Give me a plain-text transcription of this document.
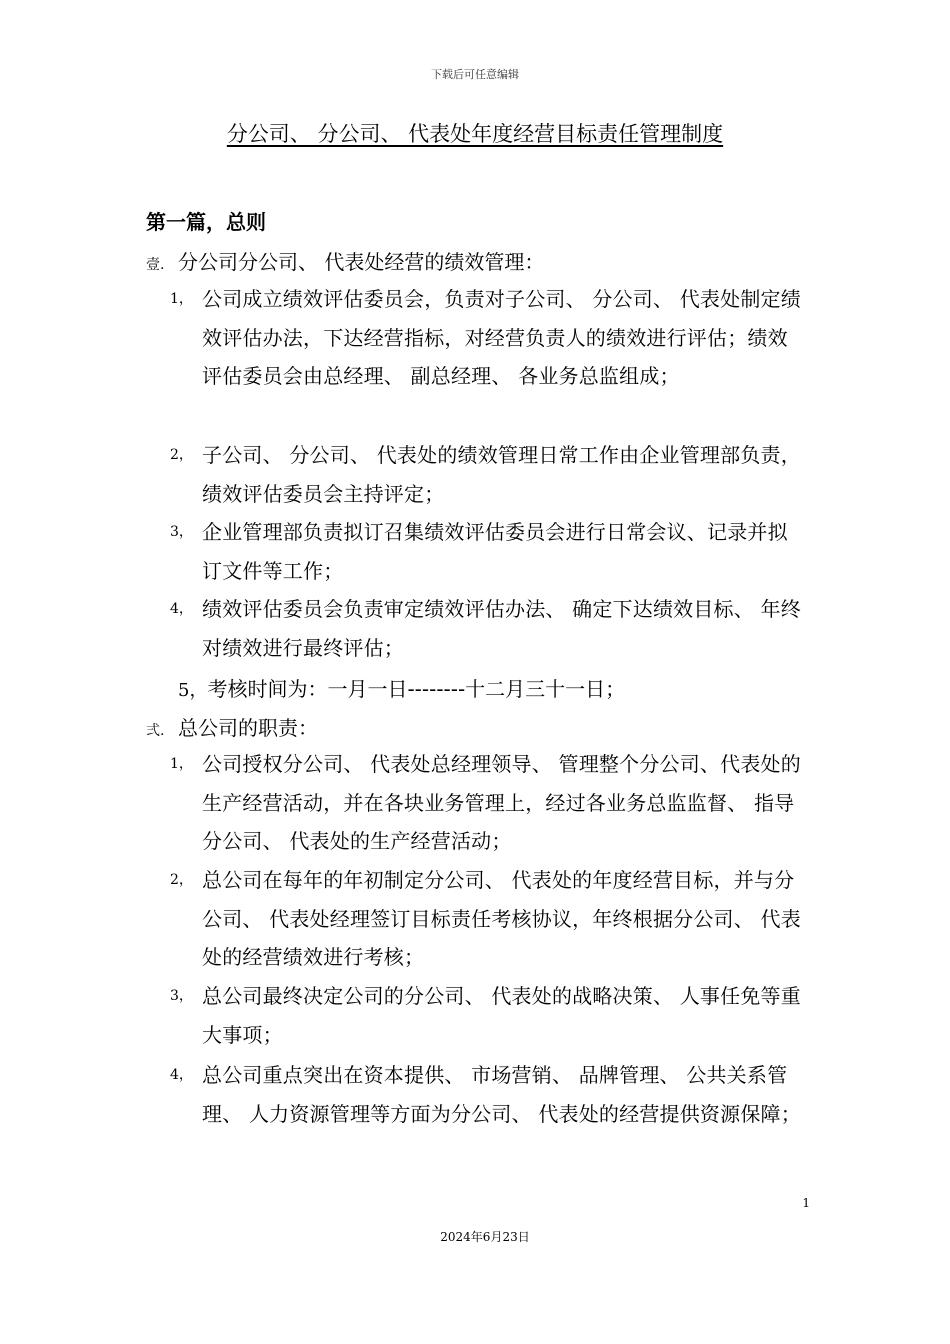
下载后可任意编辑
分公司、 分公司、 代表处年度经营目标责任管理制度
第一篇，总则
壹. 分公司分公司、 代表处经营的绩效管理：
1， 公司成立绩效评估委员会，负责对子公司、 分公司、 代表处制定绩效评估办法，下达经营指标，对经营负责人的绩效进行评估；绩效评估委员会由总经理、 副总经理、 各业务总监组成；
2， 子公司、 分公司、 代表处的绩效管理日常工作由企业管理部负责，绩效评估委员会主持评定；
3， 企业管理部负责拟订召集绩效评估委员会进行日常会议、记录并拟订文件等工作；
4， 绩效评估委员会负责审定绩效评估办法、 确定下达绩效目标、 年终对绩效进行最终评估；
5，考核时间为：一月一日--------十二月三十一日；
弍. 总公司的职责：
1， 公司授权分公司、 代表处总经理领导、 管理整个分公司、代表处的生产经营活动，并在各块业务管理上，经过各业务总监监督、 指导分公司、 代表处的生产经营活动；
2， 总公司在每年的年初制定分公司、 代表处的年度经营目标，并与分公司、 代表处经理签订目标责任考核协议，年终根据分公司、 代表处的经营绩效进行考核；
3， 总公司最终决定公司的分公司、 代表处的战略决策、 人事任免等重大事项；
4， 总公司重点突出在资本提供、 市场营销、 品牌管理、 公共关系管理、 人力资源管理等方面为分公司、 代表处的经营提供资源保障；
1
2024年6月23日
